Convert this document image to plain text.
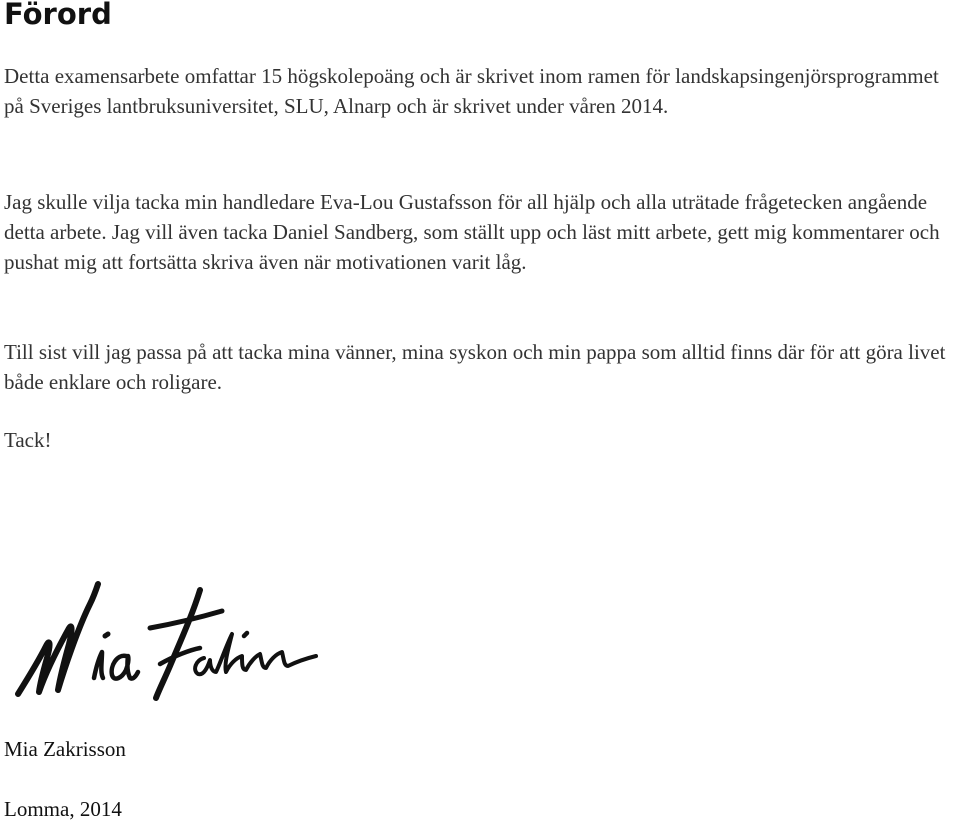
Förord

Detta examensarbete omfattar 15 högskolepoäng och är skrivet inom ramen för landskapsingenjörsprogrammet på Sveriges lantbruksuniversitet, SLU, Alnarp och är skrivet under våren 2014.

Jag skulle vilja tacka min handledare Eva-Lou Gustafsson för all hjälp och alla uträtade frågetecken angående detta arbete. Jag vill även tacka Daniel Sandberg, som ställt upp och läst mitt arbete, gett mig kommentarer och pushat mig att fortsätta skriva även när motivationen varit låg.

Till sist vill jag passa på att tacka mina vänner, mina syskon och min pappa som alltid finns där för att göra livet både enklare och roligare.

Tack!

Mia Zakrisson

Lomma, 2014
